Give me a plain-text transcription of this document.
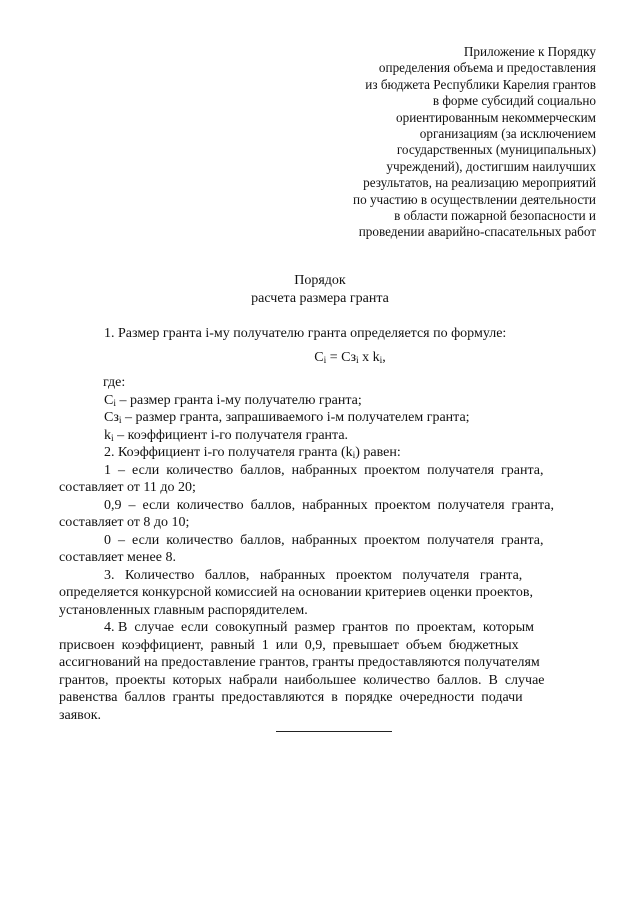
Приложение к Порядку
определения объема и предоставления
из бюджета Республики Карелия грантов
в форме субсидий социально
ориентированным некоммерческим
организациям (за исключением
государственных (муниципальных)
учреждений), достигшим наилучших
результатов, на реализацию мероприятий
по участию в осуществлении деятельности
в области пожарной безопасности и
проведении аварийно-спасательных работ
Порядок
расчета размера гранта
1. Размер гранта i-му получателю гранта определяется по формуле:
$С_i = Сз_i$ х $k_i$,
где:
$С_i$ – размер гранта i-му получателю гранта;
$Сз_i$ – размер гранта, запрашиваемого i-м получателем гранта;
$k_i$ – коэффициент i-го получателя гранта.
2. Коэффициент i-го получателя гранта $(k_i)$ равен:
1  –  если  количество  баллов,  набранных  проектом  получателя  гранта,
составляет от 11 до 20;
0,9  –  если  количество  баллов,  набранных  проектом  получателя  гранта,
составляет от 8 до 10;
0  –  если  количество  баллов,  набранных  проектом  получателя  гранта,
составляет менее 8.
3.   Количество   баллов,   набранных   проектом   получателя   гранта,
определяется конкурсной комиссией на основании критериев оценки проектов,
установленных главным распорядителем.
4. В  случае  если  совокупный  размер  грантов  по  проектам,  которым
присвоен  коэффициент,  равный  1  или  0,9,  превышает  объем  бюджетных
ассигнований на предоставление грантов, гранты предоставляются получателям
грантов,  проекты  которых  набрали  наибольшее  количество  баллов.  В  случае
равенства  баллов  гранты  предоставляются  в  порядке  очередности  подачи
заявок.
